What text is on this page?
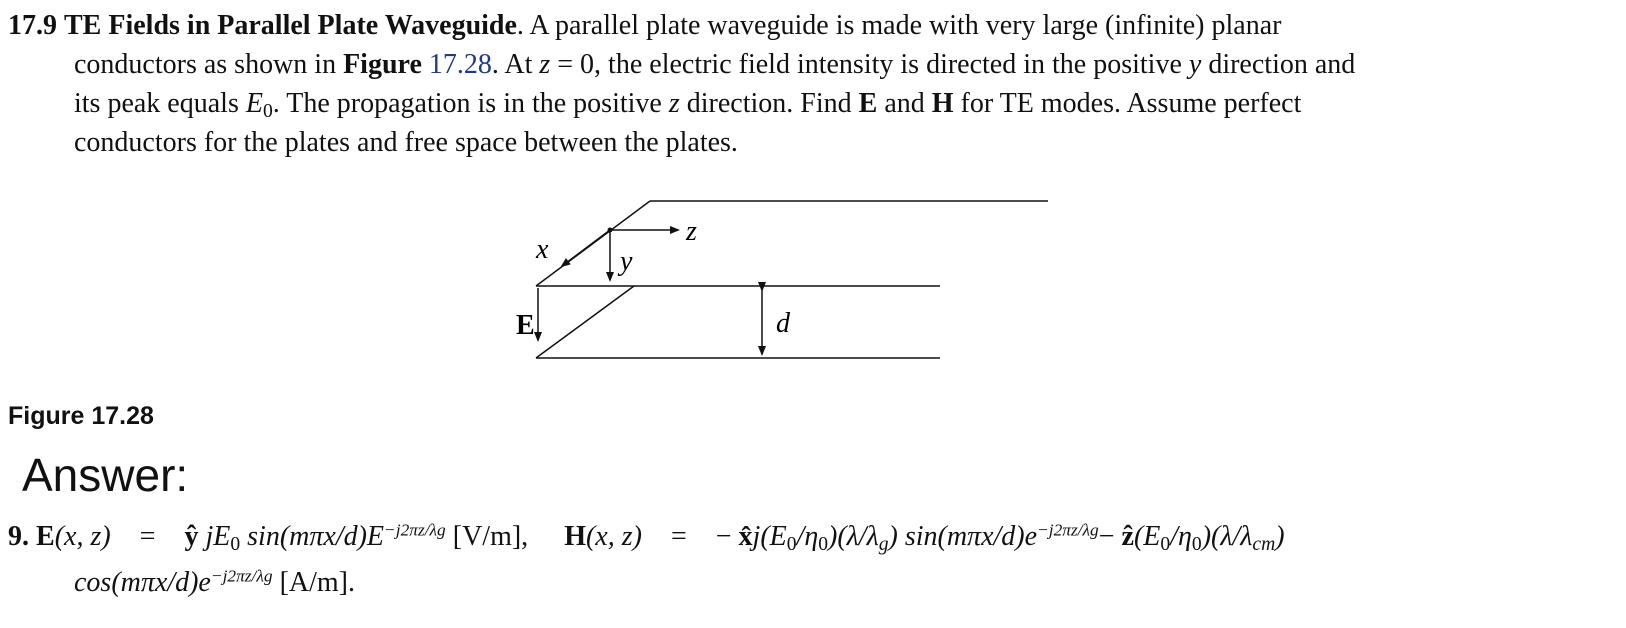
17.9 TE Fields in Parallel Plate Waveguide. A parallel plate waveguide is made with very large (infinite) planar
conductors as shown in Figure 17.28. At z = 0, the electric field intensity is directed in the positive y direction and
its peak equals $E_0$. The propagation is in the positive z direction. Find E and H for TE modes. Assume perfect
conductors for the plates and free space between the plates.
z
y
x
E	d
Figure 17.28
Answer:
9. E(x, z) = ŷ $jE_0$ $\sin(m\pi x/d)E^{-j2\pi z/\lambda g}$ [V/m], H(x, z) = − $x̂j(E_0/\eta_0)(\lambda/\lambda_g)$ $\sin(m\pi x/d)e^{-j2\pi z/\lambda g}-$ $ẑ(E_0/\eta_0)(\lambda/\lambda_{cm})$
$\cos(m\pi x/d)e^{-j2\pi z/\lambda g}$ [A/m].
